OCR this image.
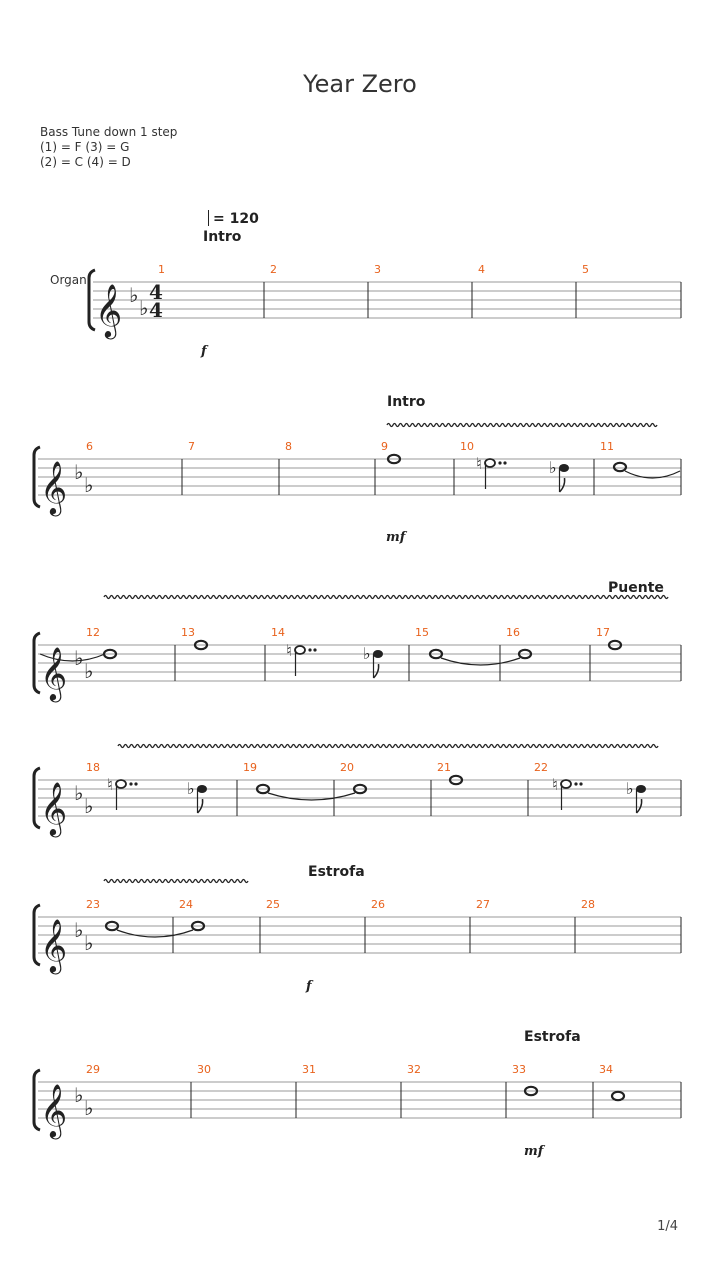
Year Zero
Bass Tune down 1 step
(1) = F (3) = G
(2) = C (4) = D
= 120
Organ
Intro
Intro
Puente
Estrofa
Estrofa
f
mf
f
mf
1/4
𝄞 ♭
♭
4
4
1	2	3	4	5
𝄞 ♭
♭
6	7	8	9	10	11
𝄞 ♭
♭
12	13	14	15	16	17
𝄞 ♭
♭
18	19	20	21	22
𝄞 ♭
♭
23	24	25	26	27	28
𝄞 ♭
♭
29	30	31	32	33	34
♮	♭
♮	♭
♮	♭	♮	♭
